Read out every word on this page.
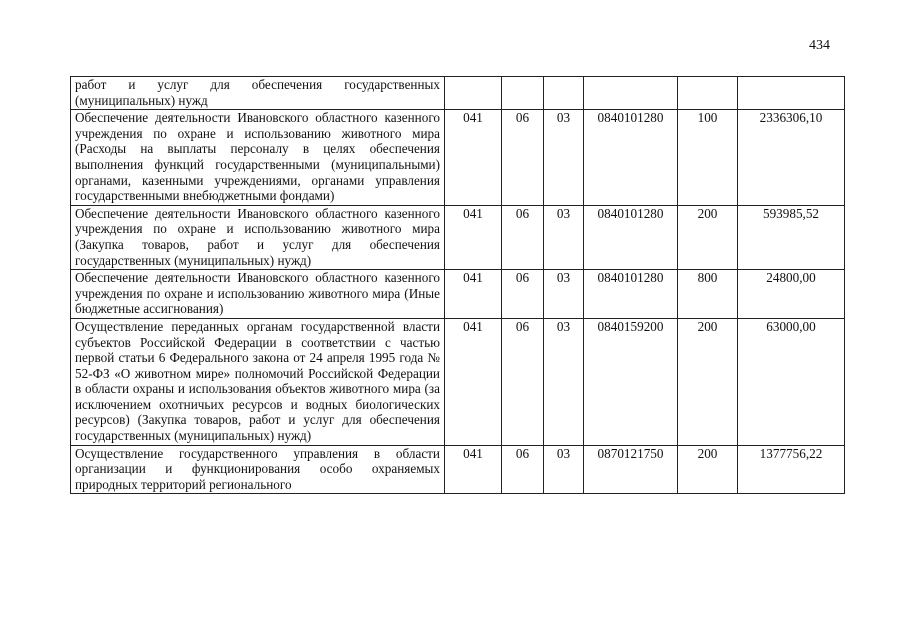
434
работ и услуг для обеспечения государственных (муниципальных) нужд						
Обеспечение деятельности Ивановского областного казенного учреждения по охране и использованию животного мира (Расходы на выплаты персоналу в целях обеспечения выполнения функций государственными (муниципальными) органами, казенными учреждениями, органами управления государственными внебюджетными фондами)	041	06	03	0840101280	100	2336306,10
Обеспечение деятельности Ивановского областного казенного учреждения по охране и использованию животного мира (Закупка товаров, работ и услуг для обеспечения государственных (муниципальных) нужд)	041	06	03	0840101280	200	593985,52
Обеспечение деятельности Ивановского областного казенного учреждения по охране и использованию животного мира (Иные бюджетные ассигнования)	041	06	03	0840101280	800	24800,00
Осуществление переданных органам государственной власти субъектов Российской Федерации в соответствии с частью первой статьи 6 Федерального закона от 24 апреля 1995 года № 52-ФЗ «О животном мире» полномочий Российской Федерации в области охраны и использования объектов животного мира (за исключением охотничьих ресурсов и водных биологических ресурсов) (Закупка товаров, работ и услуг для обеспечения государственных (муниципальных) нужд)	041	06	03	0840159200	200	63000,00
Осуществление государственного управления в области организации и функционирования особо охраняемых природных территорий регионального	041	06	03	0870121750	200	1377756,22
